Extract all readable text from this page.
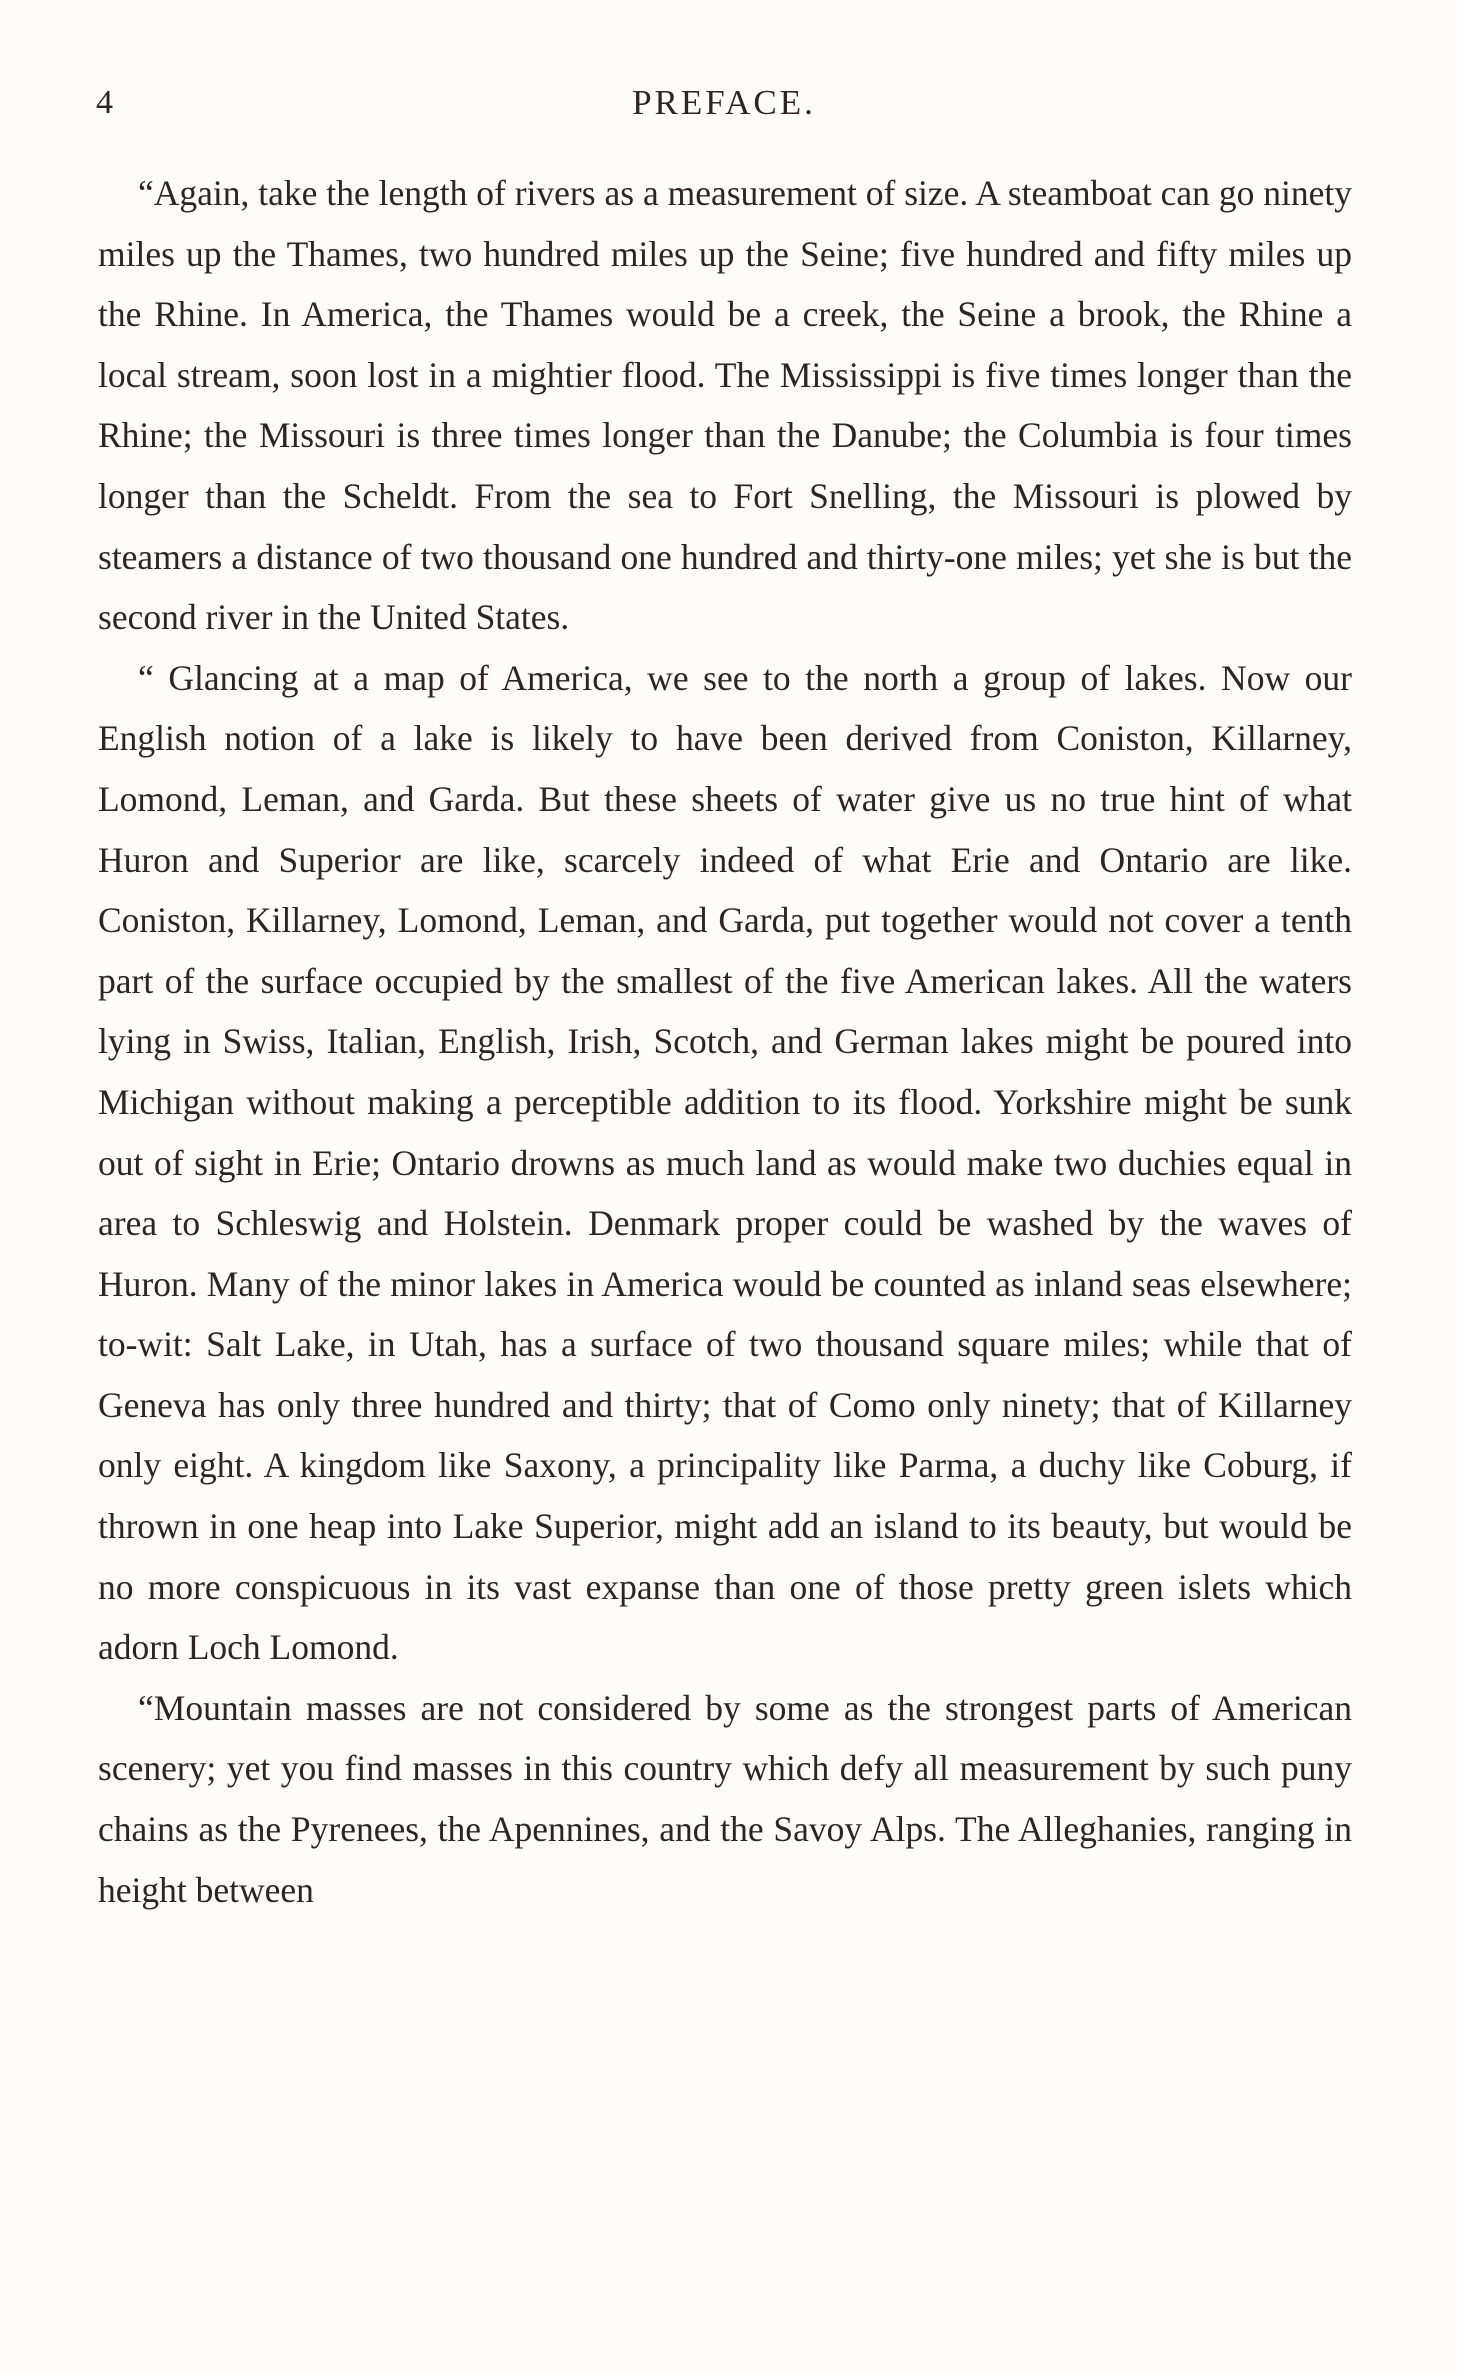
4	PREFACE.

“Again, take the length of rivers as a measurement of size. A steamboat can go ninety miles up the Thames, two hundred miles up the Seine; five hundred and fifty miles up the Rhine. In America, the Thames would be a creek, the Seine a brook, the Rhine a local stream, soon lost in a mightier flood. The Mississippi is five times longer than the Rhine; the Missouri is three times longer than the Danube; the Columbia is four times longer than the Scheldt. From the sea to Fort Snelling, the Missouri is plowed by steamers a distance of two thousand one hundred and thirty-one miles; yet she is but the second river in the United States.

“ Glancing at a map of America, we see to the north a group of lakes. Now our English notion of a lake is likely to have been derived from Coniston, Killarney, Lomond, Leman, and Garda. But these sheets of water give us no true hint of what Huron and Superior are like, scarcely indeed of what Erie and Ontario are like. Coniston, Killarney, Lomond, Leman, and Garda, put together would not cover a tenth part of the surface occupied by the smallest of the five American lakes. All the waters lying in Swiss, Italian, English, Irish, Scotch, and German lakes might be poured into Michigan without making a perceptible addition to its flood. Yorkshire might be sunk out of sight in Erie; Ontario drowns as much land as would make two duchies equal in area to Schleswig and Holstein. Denmark proper could be washed by the waves of Huron. Many of the minor lakes in America would be counted as inland seas elsewhere; to-wit: Salt Lake, in Utah, has a surface of two thousand square miles; while that of Geneva has only three hundred and thirty; that of Como only ninety; that of Killarney only eight. A kingdom like Saxony, a principality like Parma, a duchy like Coburg, if thrown in one heap into Lake Superior, might add an island to its beauty, but would be no more conspicuous in its vast expanse than one of those pretty green islets which adorn Loch Lomond.

“Mountain masses are not considered by some as the strongest parts of American scenery; yet you find masses in this country which defy all measurement by such puny chains as the Pyrenees, the Apennines, and the Savoy Alps. The Alleghanies, ranging in height between
